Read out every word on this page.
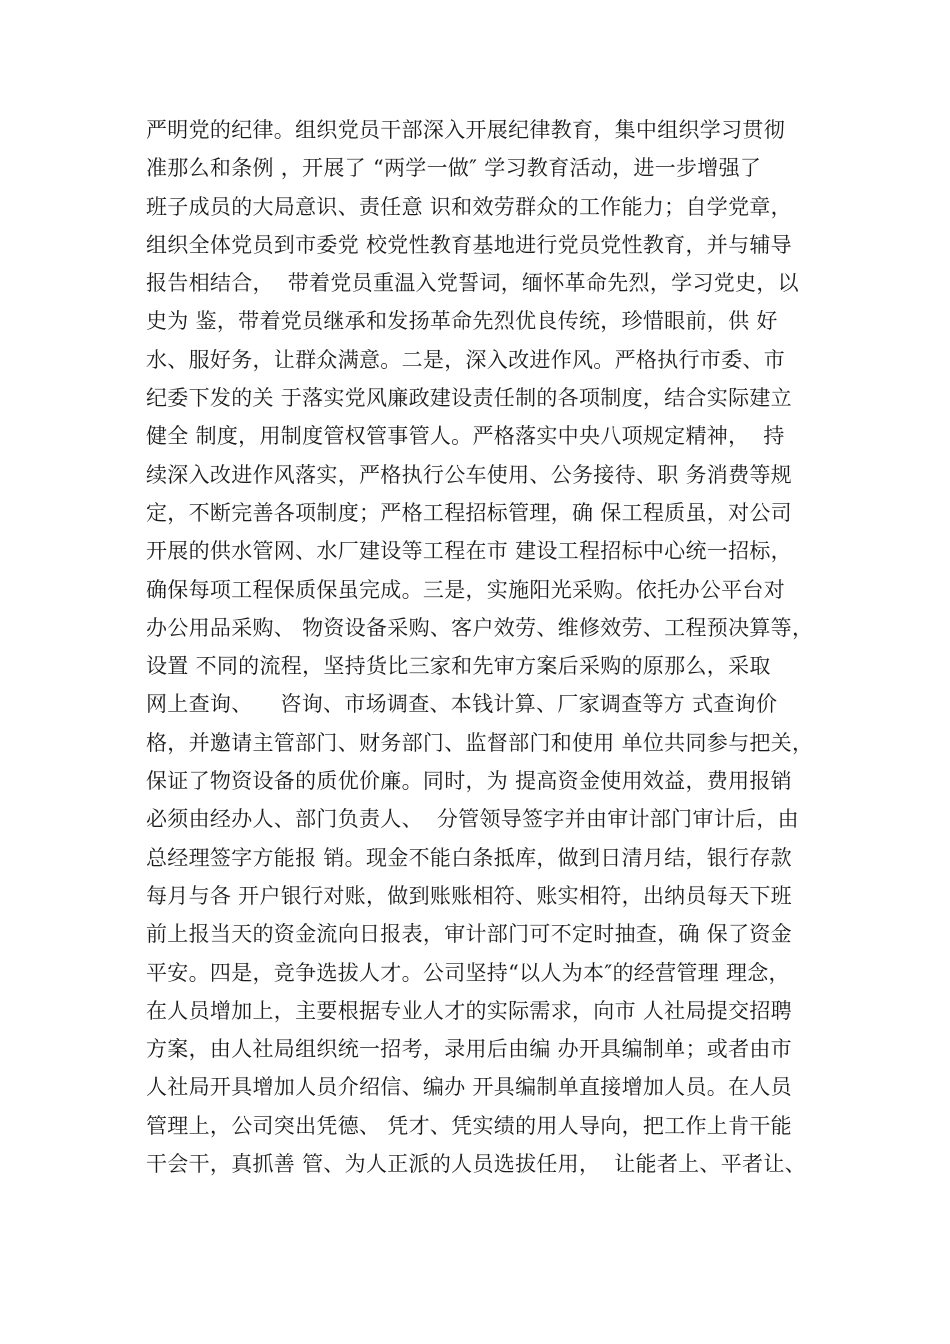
严明党的纪律。组织党员干部深入开展纪律教育，集中组织学习贯彻
准那么和条例 ，开展了 “两学一做″ 学习教育活动，进一步增强了
班子成员的大局意识、责任意 识和效劳群众的工作能力；自学党章，
组织全体党员到市委党 校党性教育基地进行党员党性教育，并与辅导
报告相结合，  带着党员重温入党誓词，缅怀革命先烈，学习党史，以
史为 鉴，带着党员继承和发扬革命先烈优良传统，珍惜眼前，供 好
水、服好务，让群众满意。二是，深入改进作风。严格执行市委、市
纪委下发的关 于落实党风廉政建设责任制的各项制度，结合实际建立
健全 制度，用制度管权管事管人。严格落实中央八项规定精神，  持
续深入改进作风落实，严格执行公车使用、公务接待、职 务消费等规
定，不断完善各项制度；严格工程招标管理，确 保工程质虽，对公司
开展的供水管网、水厂建设等工程在市 建设工程招标中心统一招标，
确保每项工程保质保虽完成。三是，实施阳光采购。依托办公平台对
办公用品采购、 物资设备采购、客户效劳、维修效劳、工程预决算等，
设置 不同的流程，坚持货比三家和先审方案后采购的原那么，采取
网上查询、    咨询、市场调查、本钱计算、厂家调查等方 式查询价
格，并邀请主管部门、财务部门、监督部门和使用 单位共同参与把关，
保证了物资设备的质优价廉。同时，为 提高资金使用效益，费用报销
必须由经办人、部门负责人、  分管领导签字并由审计部门审计后，由
总经理签字方能报 销。现金不能白条抵库，做到日清月结，银行存款
每月与各 开户银行对账，做到账账相符、账实相符，出纳员每天下班
前上报当天的资金流向日报表，审计部门可不定时抽查，确 保了资金
平安。四是，竞争选拔人才。公司坚持“以人为本″的经营管理 理念，
在人员增加上，主要根据专业人才的实际需求，向市 人社局提交招聘
方案，由人社局组织统一招考，录用后由编 办开具编制单；或者由市
人社局开具增加人员介绍信、编办 开具编制单直接增加人员。在人员
管理上，公司突出凭德、 凭才、凭实绩的用人导向，把工作上肯干能
干会干，真抓善 管、为人正派的人员选拔任用，  让能者上、平者让、
